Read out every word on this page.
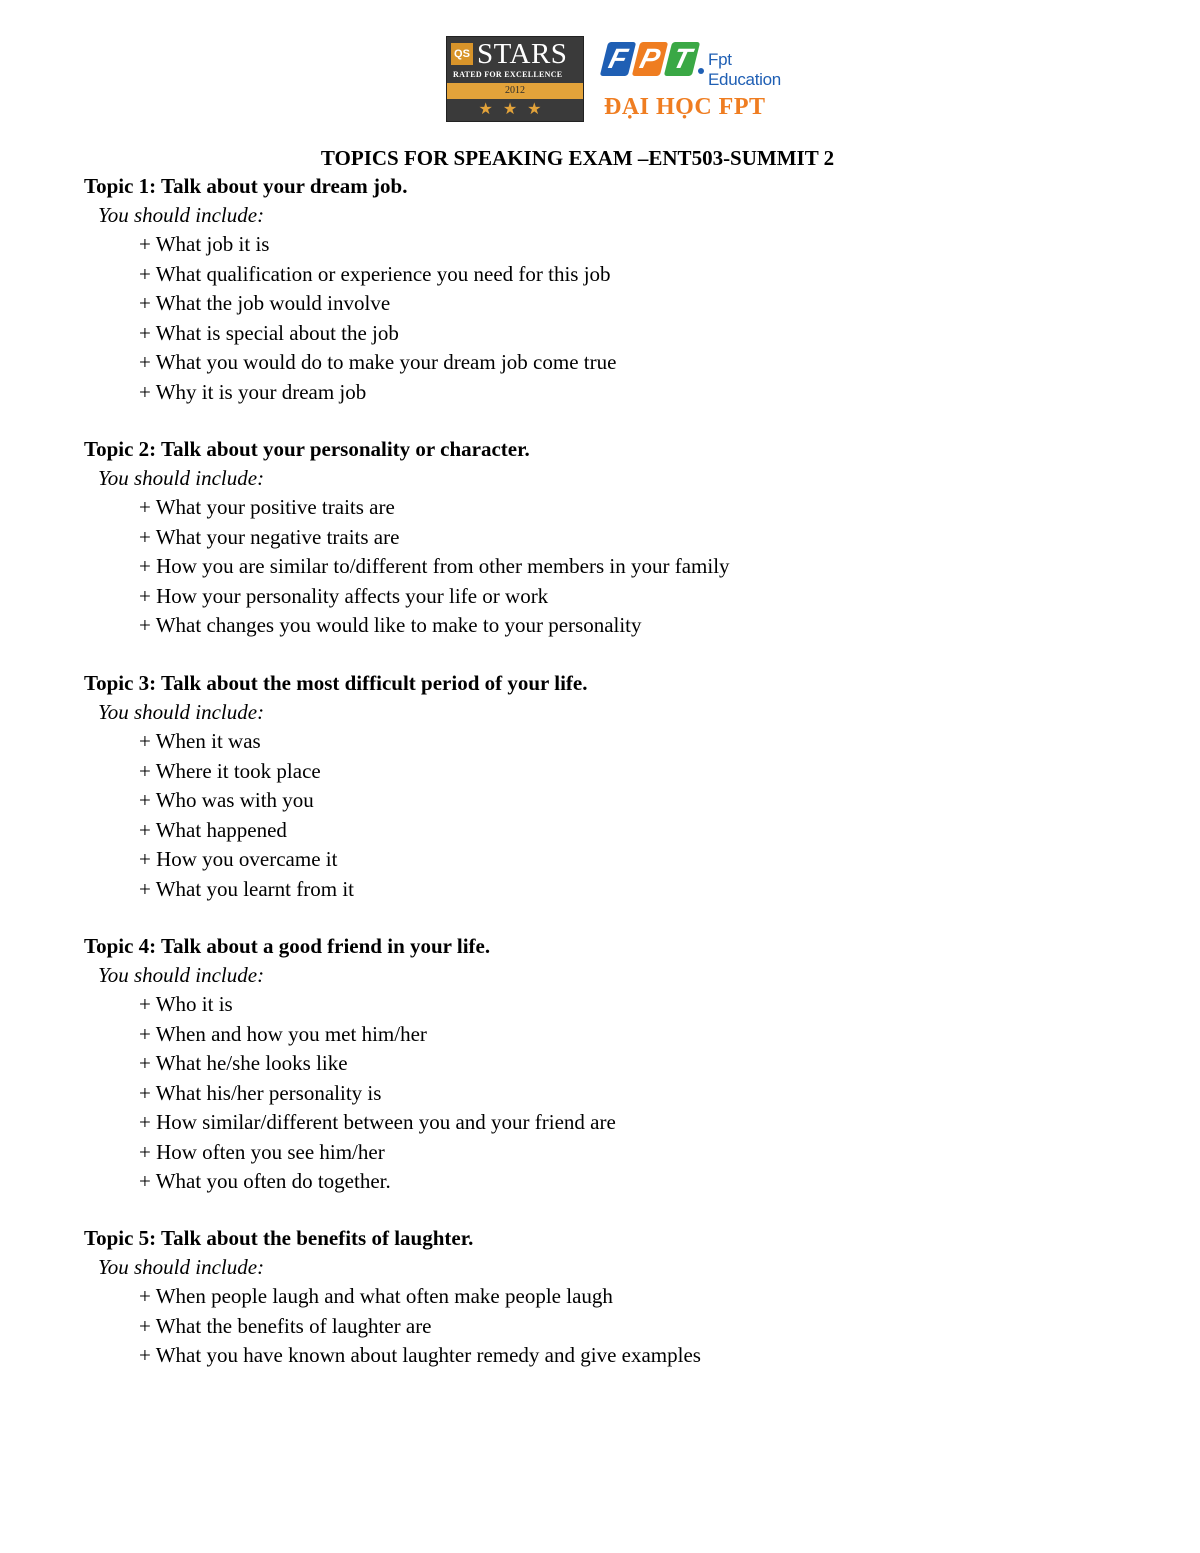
QS STARS
RATED FOR EXCELLENCE
2012
★★★
F P T Fpt Education
ĐẠI HỌC FPT
TOPICS FOR SPEAKING EXAM –ENT503-SUMMIT 2

Topic 1: Talk about your dream job.

You should include:

+ What job it is
+ What qualification or experience you need for this job
+ What the job would involve
+ What is special about the job
+ What you would do to make your dream job come true
+ Why it is your dream job

Topic 2: Talk about your personality or character.

You should include:

+ What your positive traits are
+ What your negative traits are
+ How you are similar to/different from other members in your family
+ How your personality affects your life or work
+ What changes you would like to make to your personality

Topic 3: Talk about the most difficult period of your life.

You should include:

+ When it was
+ Where it took place
+ Who was with you
+ What happened
+ How you overcame it
+ What you learnt from it

Topic 4: Talk about a good friend in your life.

You should include:

+ Who it is
+ When and how you met him/her
+ What he/she looks like
+ What his/her personality is
+ How similar/different between you and your friend are
+ How often you see him/her
+ What you often do together.

Topic 5: Talk about the benefits of laughter.

You should include:

+ When people laugh and what often make people laugh
+ What the benefits of laughter are
+ What you have known about laughter remedy and give examples
